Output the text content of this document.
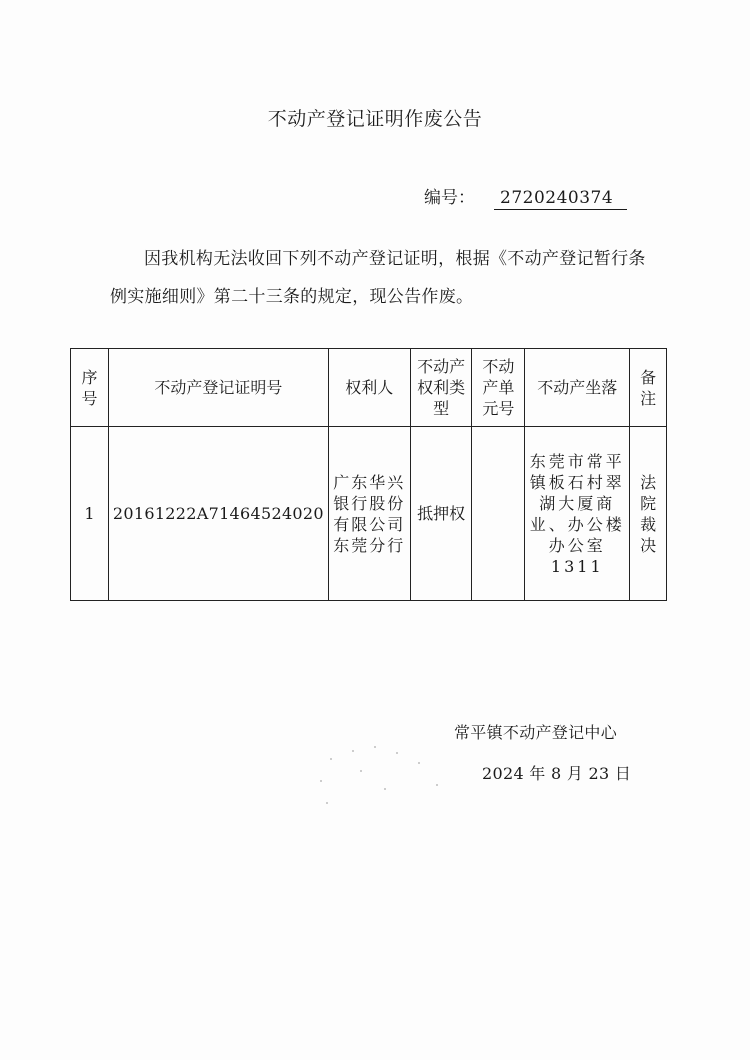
不动产登记证明作废公告
编号： 2720240374
因我机构无法收回下列不动产登记证明，根据《不动产登记暂行条例实施细则》第二十三条的规定，现公告作废。
序号	不动产登记证明号	权利人	不动产权利类型	不动产单元号	不动产坐落	备注
1	20161222A71464524020	广东华兴银行股份有限公司东莞分行	抵押权		东莞市常平镇板石村翠湖大厦商业、办公楼办公室 1311	法院裁决
常平镇不动产登记中心
2024 年 8 月 23 日
